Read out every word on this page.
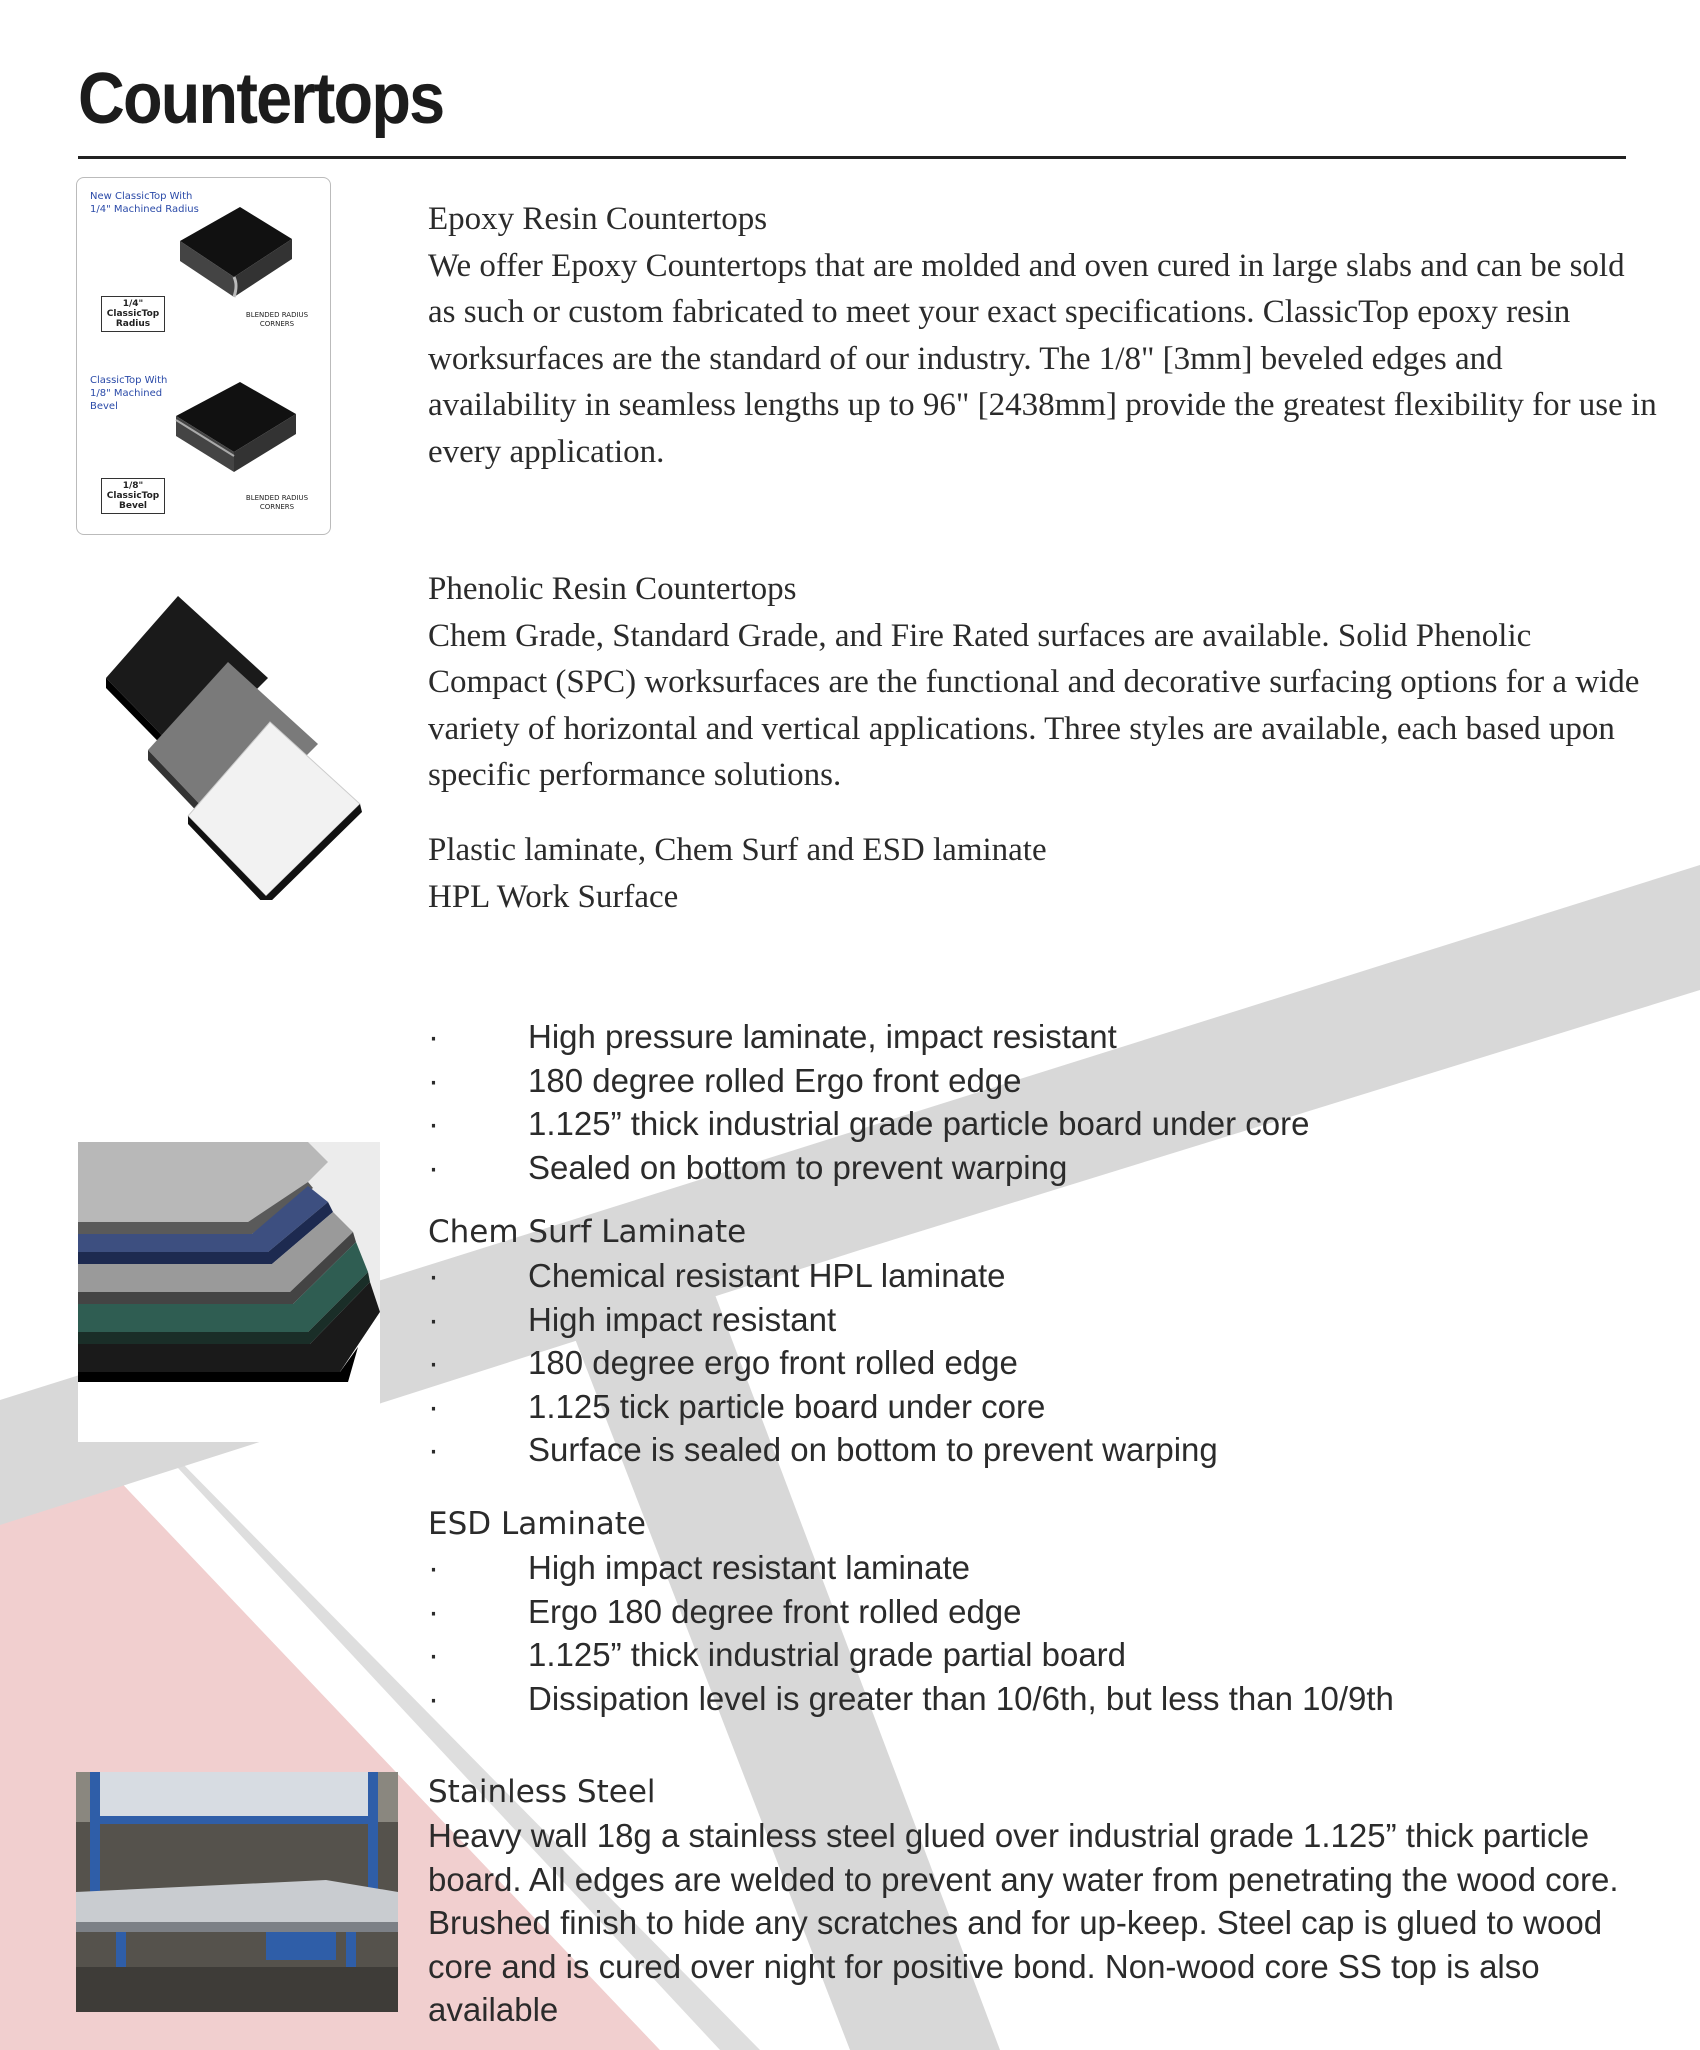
Countertops
New ClassicTop With 1/4" Machined Radius
1/4" ClassicTop Radius
BLENDED RADIUS CORNERS
ClassicTop With 1/8" Machined Bevel
1/8" ClassicTop Bevel
BLENDED RADIUS CORNERS
Epoxy Resin Countertops
We offer Epoxy Countertops that are molded and oven cured in large slabs and can be sold as such or custom fabricated to meet your exact specifications. ClassicTop epoxy resin worksurfaces are the standard of our industry. The 1/8" [3mm] beveled edges and availability in seamless lengths up to 96" [2438mm] provide the greatest flexibility for use in every application.
Phenolic Resin Countertops
Chem Grade, Standard Grade, and Fire Rated surfaces are available. Solid Phenolic Compact (SPC) worksurfaces are the functional and decorative surfacing options for a wide variety of horizontal and vertical applications. Three styles are available, each based upon specific performance solutions.
Plastic laminate, Chem Surf and ESD laminate
HPL Work Surface
· High pressure laminate, impact resistant
· 180 degree rolled Ergo front edge
· 1.125” thick industrial grade particle board under core
· Sealed on bottom to prevent warping
Chem Surf Laminate
· Chemical resistant HPL laminate
· High impact resistant
· 180 degree ergo front rolled edge
· 1.125 tick particle board under core
· Surface is sealed on bottom to prevent warping
ESD Laminate
· High impact resistant laminate
· Ergo 180 degree front rolled edge
· 1.125” thick industrial grade partial board
· Dissipation level is greater than 10/6th, but less than 10/9th
Stainless Steel
Heavy wall 18g a stainless steel glued over industrial grade 1.125” thick particle board. All edges are welded to prevent any water from penetrating the wood core. Brushed finish to hide any scratches and for up-keep. Steel cap is glued to wood core and is cured over night for positive bond. Non-wood core SS top is also available
